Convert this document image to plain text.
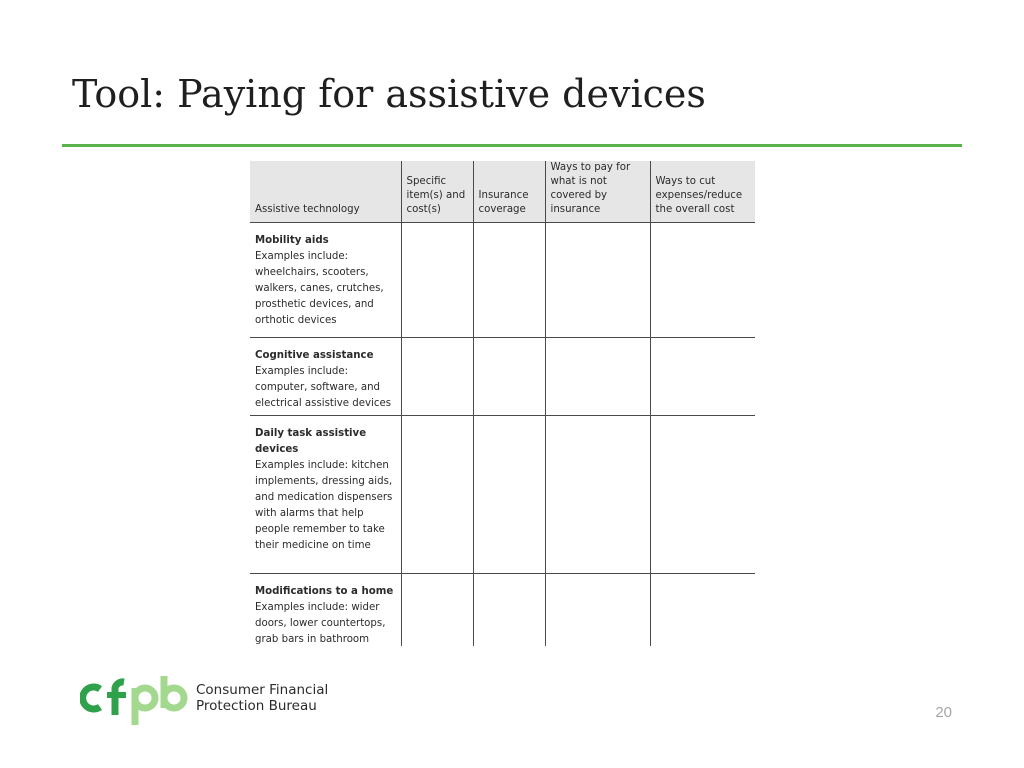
Tool: Paying for assistive devices
Assistive technology	Specific item(s) and cost(s)	Insurance coverage	Ways to pay for what is not covered by insurance	Ways to cut expenses/reduce the overall cost

Mobility aids
Examples include: wheelchairs, scooters, walkers, canes, crutches, prosthetic devices, and orthotic devices				

Cognitive assistance
Examples include: computer, software, and electrical assistive devices				

Daily task assistive devices
Examples include: kitchen implements, dressing aids, and medication dispensers with alarms that help people remember to take their medicine on time				

Modifications to a home
Examples include: wider doors, lower countertops, grab bars in bathroom				

Consumer Financial
Protection Bureau	20
